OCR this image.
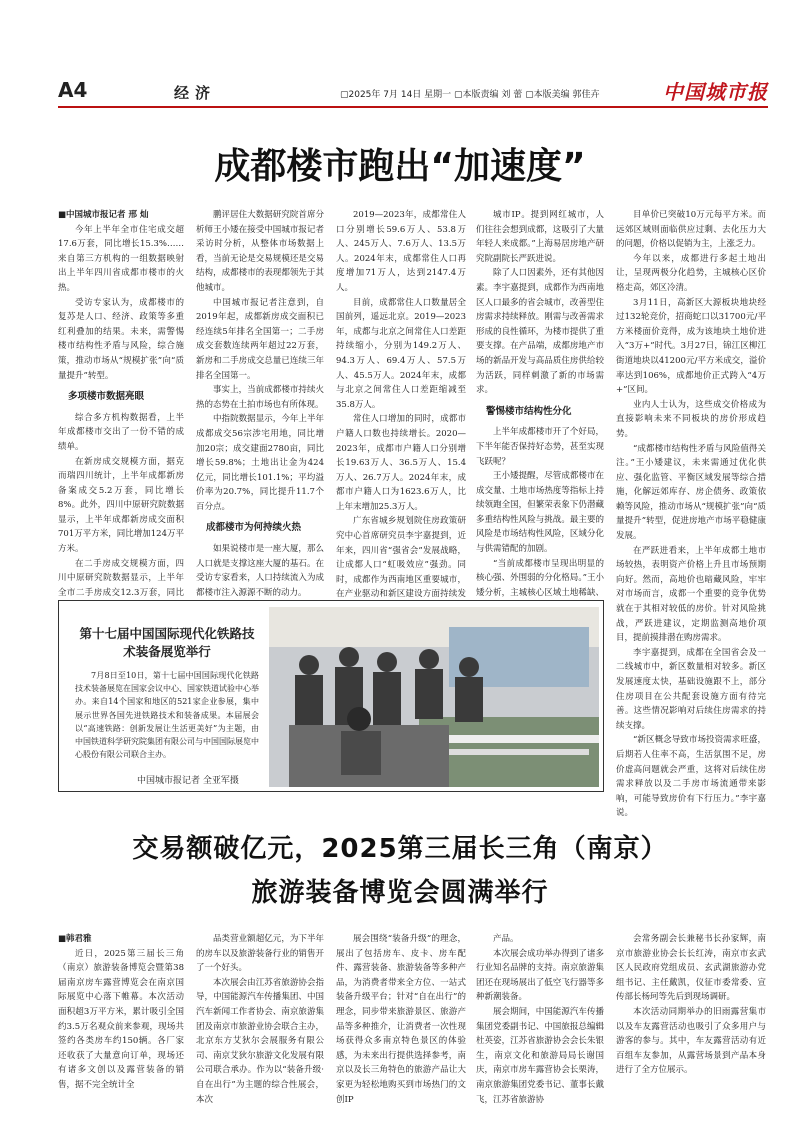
A4	经济	▢2025年 7月 14日 星期一 ▢本版责编 刘 蕾 ▢本版美编 郭佳卉	中国城市报
成都楼市跑出“加速度”

■中国城市报记者 邢 灿

今年上半年全市住宅成交超17.6万套，同比增长15.3%……来自第三方机构的一组数据映射出上半年四川省成都市楼市的火热。

受访专家认为，成都楼市的复苏是人口、经济、政策等多重红利叠加的结果。未来，需警惕楼市结构性矛盾与风险，综合施策，推动市场从“规模扩张”向“质量提升”转型。

多项楼市数据亮眼

综合多方机构数据看，上半年成都楼市交出了一份不错的成绩单。

在新房成交规模方面，据克而瑞四川统计，上半年成都新房备案成交5.2万套，同比增长8%。此外，四川中原研究院数据显示，上半年成都新房成交面积701万平方米，同比增加124万平方米。

在二手房成交规模方面，四川中原研究院数据显示，上半年全市二手房成交12.3万套，同比

鹏评居住大数据研究院首席分析师王小矮在接受中国城市报记者采访时分析，从整体市场数据上看，当前无论是交易规模还是交易结构，成都楼市的表现都领先于其他城市。

中国城市报记者注意到，自2019年起，成都新房成交面积已经连续5年排名全国第一；二手房成交套数连续两年超过22万套，新房和二手房成交总量已连续三年排名全国第一。

事实上，当前成都楼市持续火热的态势在土拍市场也有所体现。

中指院数据显示，今年上半年成都成交56宗涉宅用地，同比增加20宗；成交建面2780亩，同比增长59.8%；土地出让金为424亿元，同比增长101.1%；平均溢价率为20.7%，同比提升11.7个百分点。

成都楼市为何持续火热

如果说楼市是一座大厦，那么人口就是支撑这座大厦的基石。在受访专家看来，人口持续流入为成都楼市注入源源不断的动力。

2019—2023年，成都常住人口分别增长59.6万人、53.8万人、245万人、7.6万人、13.5万人。2024年末，成都常住人口再度增加71万人，达到2147.4万人。

目前，成都常住人口数量居全国前列，遥远北京。2019—2023年，成都与北京之间常住人口差距持续缩小，分别为149.2万人、94.3万人、69.4万人、57.5万人、45.5万人。2024年末，成都与北京之间常住人口差距缩减至35.8万人。

常住人口增加的同时，成都市户籍人口数也持续增长。2020—2023年，成都市户籍人口分别增长19.63万人、36.5万人、15.4万人、26.7万人。2024年末，成都市户籍人口为1623.6万人，比上年末增加25.3万人。

广东省城乡规划院住房政策研究中心首席研究员李宇嘉提到，近年来，四川省“强省会”发展战略，让成都人口“虹吸效应”强劲。同时，成都作为西南地区重要城市，在产业驱动和新区建设方面持续发

城市IP。提到网红城市，人们往往会想到成都，这吸引了大量年轻人来成都。”上海易居房地产研究院副院长严跃进说。

除了人口因素外，还有其他因素。李宇嘉提到，成都作为西南地区人口最多的省会城市，改善型住房需求持续释放。刚需与改善需求形成的良性循环，为楼市提供了重要支撑。在产品端，成都房地产市场的新品开发与高品质住房供给较为活跃，同样刺激了新的市场需求。

警惕楼市结构性分化

上半年成都楼市开了个好局，下半年能否保持好态势，甚至实现飞跃呢？

王小矮提醒，尽管成都楼市在成交量、土地市场热度等指标上持续领跑全国，但繁荣表象下仍潜藏多重结构性风险与挑战。最主要的风险是市场结构性风险，区域分化与供需错配的加剧。

“当前成都楼市呈现出明显的核心强、外围弱的分化格局。”王小矮分析，主城核心区域土地稀缺、

目单价已突破10万元每平方米。而远郊区域则面临供应过剩、去化压力大的问题，价格以促销为主，上涨乏力。

今年以来，成都进行多起土地出让，呈现两极分化趋势，主城核心区价格走高，郊区冷清。

3月11日，高新区大源板块地块经过132轮竞价，招商蛇口以31700元/平方米楼面价竞得，成为该地块土地价进入“3万+”时代。3月27日，锦江区柳江街道地块以41200元/平方米成交，溢价率达到106%，成都地价正式跨入“4万+”区间。

业内人士认为，这些成交价格成为直接影响未来不同板块的房价形成趋势。

“成都楼市结构性矛盾与风险值得关注。”王小矮建议，未来需通过优化供应、强化监管、平衡区域发展等综合措施，化解远郊库存、房企债务、政策依赖等风险，推动市场从“规模扩张”向“质量提升”转型，促进房地产市场平稳健康发展。

在严跃进看来，上半年成都土地市场较热，表明资产价格上升且市场预期向好。然而，高地价也暗藏风险，牢牢对市场而言，成都一个重要的竞争优势就在于其相对较低的房价。针对风险挑战，严跃进建议，定期监测高地价项目，提前摸排潜在购房需求。

李宇嘉提到，成都在全国省会及一二线城市中，新区数量相对较多。新区发展速度太快，基础设施跟不上，部分住房项目在公共配套设施方面有待完善。这些情况影响对后续住房需求的持续支撑。

“新区概念导致市场投资需求旺盛，后期若人住率不高，生活氛围不足，房价虚高问题就会严重，这将对后续住房需求释放以及二手房市场流通带来影响，可能导致房价有下行压力。”李宇嘉说。

第十七届中国国际现代化铁路技术装备展览举行

7月8日至10日，第十七届中国国际现代化铁路技术装备展览在国家会议中心、国家铁道试验中心举办。来自14个国家和地区的521家企业参展，集中展示世界各国先进铁路技术和装备成果。本届展会以“高速铁路：创新发展让生活更美好”为主题，由中国铁道科学研究院集团有限公司与中国国际展览中心股份有限公司联合主办。

中国城市报记者 全亚军摄
交易额破亿元，2025第三届长三角（南京）
旅游装备博览会圆满举行

■韩君雅

近日，2025第三届长三角（南京）旅游装备博览会暨第38届南京房车露营博览会在南京国际展览中心落下帷幕。本次活动面积超3万平方米，累计吸引全国约3.5万名观众前来参观，现场共签约各类房车约150辆。各厂家还收获了大量意向订单，现场还有诸多文创以及露营装备的销售，据不完全统计全

品类营业额超亿元，为下半年的房车以及旅游装备行业的销售开了一个好头。

本次展会由江苏省旅游协会指导，中国能源汽车传播集团、中国汽车新闻工作者协会、南京旅游集团及南京市旅游业协会联合主办，北京东方艾狄尔会展服务有限公司、南京艾狄尔旅游文化发展有限公司联合承办。作为以“装备升级·自在出行”为主题的综合性展会，本次

展会围绕“装备升级”的理念，展出了包括房车、皮卡、房车配件、露营装备、旅游装备等多种产品，为消费者带来全方位、一站式装备升级平台；针对“自在出行”的理念，同步带来旅游景区、旅游产品等多种推介，让消费者一次性现场获得众多南京特色景区的体验感，为未来出行提供选择参考，南京以及长三角特色的旅游产品让大家更为轻松地购买到市场热门的文创IP

产品。

本次展会成功举办得到了诸多行业知名品牌的支持。南京旅游集团还在现场展出了低空飞行器等多种新潮装备。

展会期间，中国能源汽车传播集团党委副书记、中国旅报总编辑杜英姿，江苏省旅游协会会长朱银生，南京文化和旅游局局长谢国庆，南京市房车露营协会长栗涛，南京旅游集团党委书记、董事长戴飞，江苏省旅游协

会常务副会长兼秘书长孙家辉，南京市旅游业协会长长红涛，南京市玄武区人民政府党组成员、玄武湖旅游办党组书记、主任戴凯，仪征市委常委、宣传部长杨珂等先后到现场调研。

本次活动同期举办的旧雨露营集市以及车友露营活动也吸引了众多用户与游客的参与。其中，车友露营活动有近百组车友参加，从露营场景到产品本身进行了全方位展示。
